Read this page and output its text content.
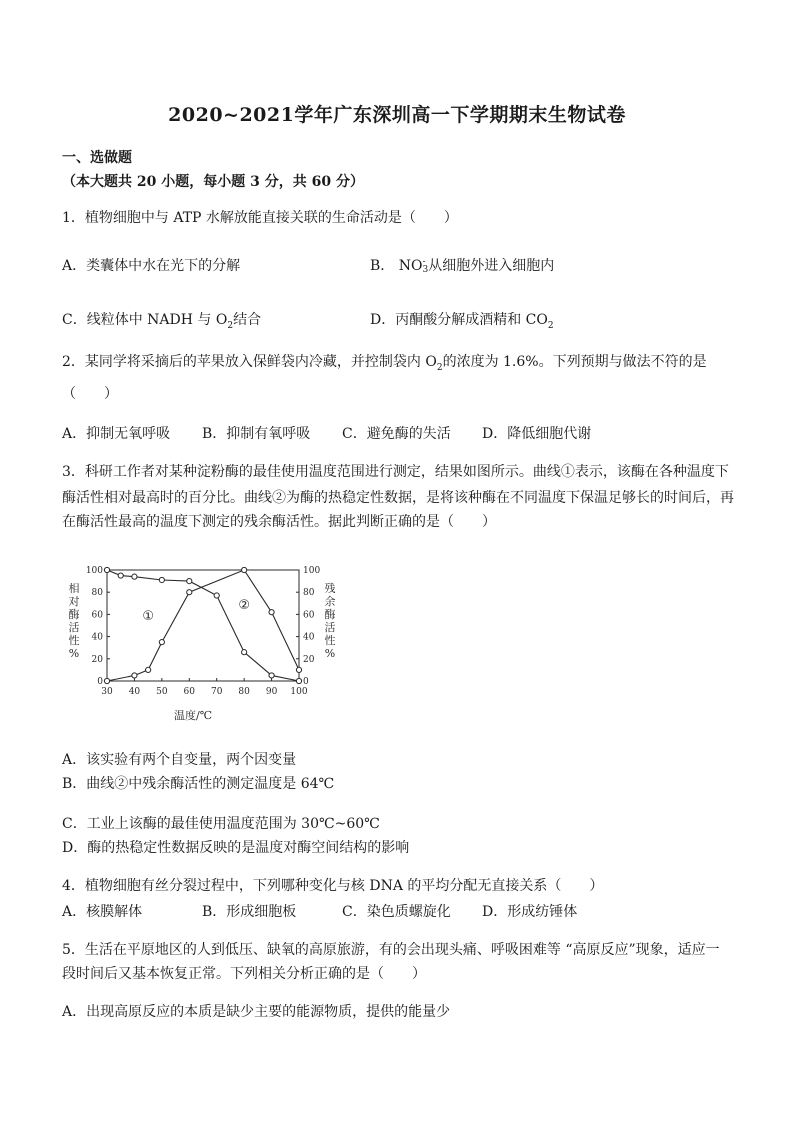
2020~2021学年广东深圳高一下学期期末生物试卷
一、选做题
（本大题共 20 小题，每小题 3 分，共 60 分）
1．植物细胞中与 ATP 水解放能直接关联的生命活动是（　　）
A．类囊体中水在光下的分解	B． NO -
3 从细胞外进入细胞内
C．线粒体中 NADH 与 $O_2$结合	D．丙酮酸分解成酒精和 $CO_2$
2．某同学将采摘后的苹果放入保鲜袋内冷藏，并控制袋内 $O_2$的浓度为 1.6%。下列预期与做法不符的是
（　　）
A．抑制无氧呼吸 B．抑制有氧呼吸 C．避免酶的失活 D．降低细胞代谢
3．科研工作者对某种淀粉酶的最佳使用温度范围进行测定，结果如图所示。曲线①表示，该酶在各种温度下
酶活性相对最高时的百分比。曲线②为酶的热稳定性数据，是将该种酶在不同温度下保温足够长的时间后，再
在酶活性最高的温度下测定的残余酶活性。据此判断正确的是（　　）
0	0
20	20
40	40
60	60
80	80
100	100
30 40 50 60 70 80 90 100
温度/℃
相对酶活性%
残余酶活性%
①
②
A．该实验有两个自变量，两个因变量
B．曲线②中残余酶活性的测定温度是 64℃
C．工业上该酶的最佳使用温度范围为 30℃~60℃
D．酶的热稳定性数据反映的是温度对酶空间结构的影响
4．植物细胞有丝分裂过程中，下列哪种变化与核 DNA 的平均分配无直接关系（　　）
A．核膜解体	B．形成细胞板	C．染色质螺旋化 D．形成纺锤体
5．生活在平原地区的人到低压、缺氧的高原旅游，有的会出现头痛、呼吸困难等 “高原反应”现象，适应一
段时间后又基本恢复正常。下列相关分析正确的是（　　）
A．出现高原反应的本质是缺少主要的能源物质，提供的能量少
